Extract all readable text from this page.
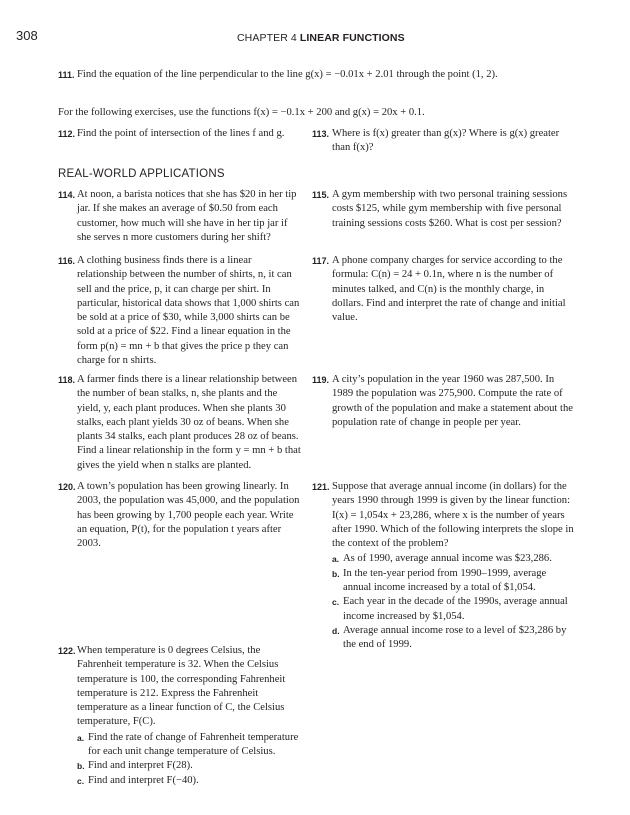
308	CHAPTER 4 LINEAR FUNCTIONS
111. Find the equation of the line perpendicular to the line g(x) = −0.01x + 2.01 through the point (1, 2).
For the following exercises, use the functions f(x) = −0.1x + 200 and g(x) = 20x + 0.1.
112. Find the point of intersection of the lines f and g.	113. Where is f(x) greater than g(x)? Where is g(x) greater than f(x)?
REAL-WORLD APPLICATIONS
114. At noon, a barista notices that she has $20 in her tip jar. If she makes an average of $0.50 from each customer, how much will she have in her tip jar if she serves n more customers during her shift?
115. A gym membership with two personal training sessions costs $125, while gym membership with five personal training sessions costs $260. What is cost per session?
116. A clothing business finds there is a linear relationship between the number of shirts, n, it can sell and the price, p, it can charge per shirt. In particular, historical data shows that 1,000 shirts can be sold at a price of $30, while 3,000 shirts can be sold at a price of $22. Find a linear equation in the form p(n) = mn + b that gives the price p they can charge for n shirts.
117. A phone company charges for service according to the formula: C(n) = 24 + 0.1n, where n is the number of minutes talked, and C(n) is the monthly charge, in dollars. Find and interpret the rate of change and initial value.
118. A farmer finds there is a linear relationship between the number of bean stalks, n, she plants and the yield, y, each plant produces. When she plants 30 stalks, each plant yields 30 oz of beans. When she plants 34 stalks, each plant produces 28 oz of beans. Find a linear relationship in the form y = mn + b that gives the yield when n stalks are planted.
119. A city’s population in the year 1960 was 287,500. In 1989 the population was 275,900. Compute the rate of growth of the population and make a statement about the population rate of change in people per year.
120. A town’s population has been growing linearly. In 2003, the population was 45,000, and the population has been growing by 1,700 people each year. Write an equation, P(t), for the population t years after 2003.
121. Suppose that average annual income (in dollars) for the years 1990 through 1999 is given by the linear function: I(x) = 1,054x + 23,286, where x is the number of years after 1990. Which of the following interprets the slope in the context of the problem?
a. As of 1990, average annual income was $23,286.
b. In the ten-year period from 1990–1999, average annual income increased by a total of $1,054.
c. Each year in the decade of the 1990s, average annual income increased by $1,054.
d. Average annual income rose to a level of $23,286 by the end of 1999.
122. When temperature is 0 degrees Celsius, the Fahrenheit temperature is 32. When the Celsius temperature is 100, the corresponding Fahrenheit temperature is 212. Express the Fahrenheit temperature as a linear function of C, the Celsius temperature, F(C).
a. Find the rate of change of Fahrenheit temperature for each unit change temperature of Celsius.
b. Find and interpret F(28).
c. Find and interpret F(−40).
